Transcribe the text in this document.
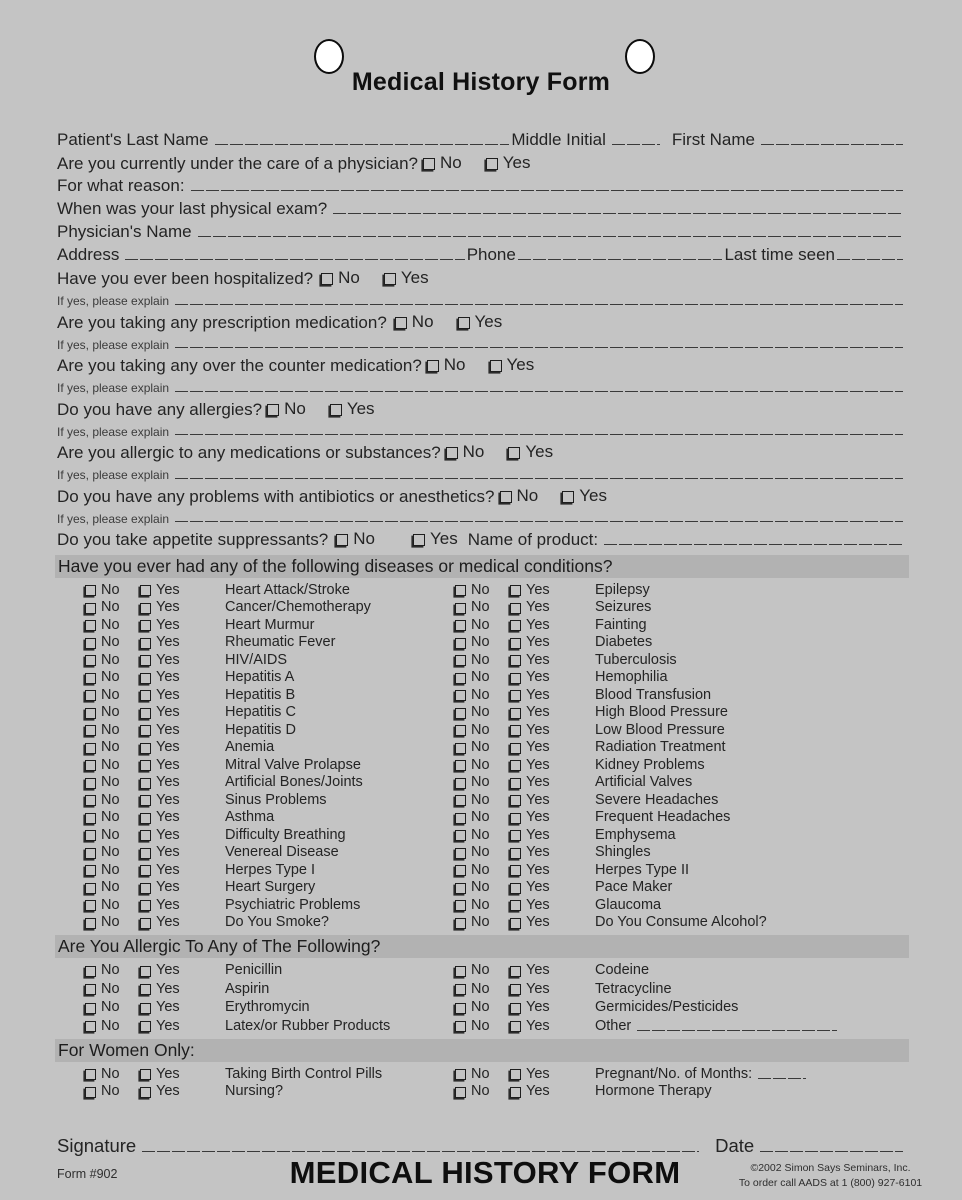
Medical History Form
Patient's Last Name	Middle Initial	First Name
Are you currently under the care of a physician? No Yes
For what reason:
When was your last physical exam?
Physician's Name
Address	Phone	Last time seen
Have you ever been hospitalized? No Yes
If yes, please explain
Are you taking any prescription medication? No Yes
If yes, please explain
Are you taking any over the counter medication? No Yes
If yes, please explain
Do you have any allergies? No Yes
If yes, please explain
Are you allergic to any medications or substances? No Yes
If yes, please explain
Do you have any problems with antibiotics or anesthetics? No Yes
If yes, please explain
Do you take appetite suppressants? No	Yes Name of product:
Have you ever had any of the following diseases or medical conditions?
No	Yes	Heart Attack/Stroke
No	Yes	Cancer/Chemotherapy
No	Yes	Heart Murmur
No	Yes	Rheumatic Fever
No	Yes	HIV/AIDS
No	Yes	Hepatitis A
No	Yes	Hepatitis B
No	Yes	Hepatitis C
No	Yes	Hepatitis D
No	Yes	Anemia
No	Yes	Mitral Valve Prolapse
No	Yes	Artificial Bones/Joints
No	Yes	Sinus Problems
No	Yes	Asthma
No	Yes	Difficulty Breathing
No	Yes	Venereal Disease
No	Yes	Herpes Type I
No	Yes	Heart Surgery
No	Yes	Psychiatric Problems
No	Yes	Do You Smoke?
No	Yes	Epilepsy
No	Yes	Seizures
No	Yes	Fainting
No	Yes	Diabetes
No	Yes	Tuberculosis
No	Yes	Hemophilia
No	Yes	Blood Transfusion
No	Yes	High Blood Pressure
No	Yes	Low Blood Pressure
No	Yes	Radiation Treatment
No	Yes	Kidney Problems
No	Yes	Artificial Valves
No	Yes	Severe Headaches
No	Yes	Frequent Headaches
No	Yes	Emphysema
No	Yes	Shingles
No	Yes	Herpes Type II
No	Yes	Pace Maker
No	Yes	Glaucoma
No	Yes	Do You Consume Alcohol?
Are You Allergic To Any of The Following?
No	Yes	Penicillin
No	Yes	Aspirin
No	Yes	Erythromycin
No	Yes	Latex/or Rubber Products
No	Yes	Codeine
No	Yes	Tetracycline
No	Yes	Germicides/Pesticides
No	Yes	Other
For Women Only:
No	Yes	Taking Birth Control Pills
No	Yes	Nursing?
No	Yes	Pregnant/No. of Months:
No	Yes	Hormone Therapy
Signature	Date
Form #902	MEDICAL HISTORY FORM	©2002 Simon Says Seminars, Inc.
To order call AADS at 1 (800) 927-6101
